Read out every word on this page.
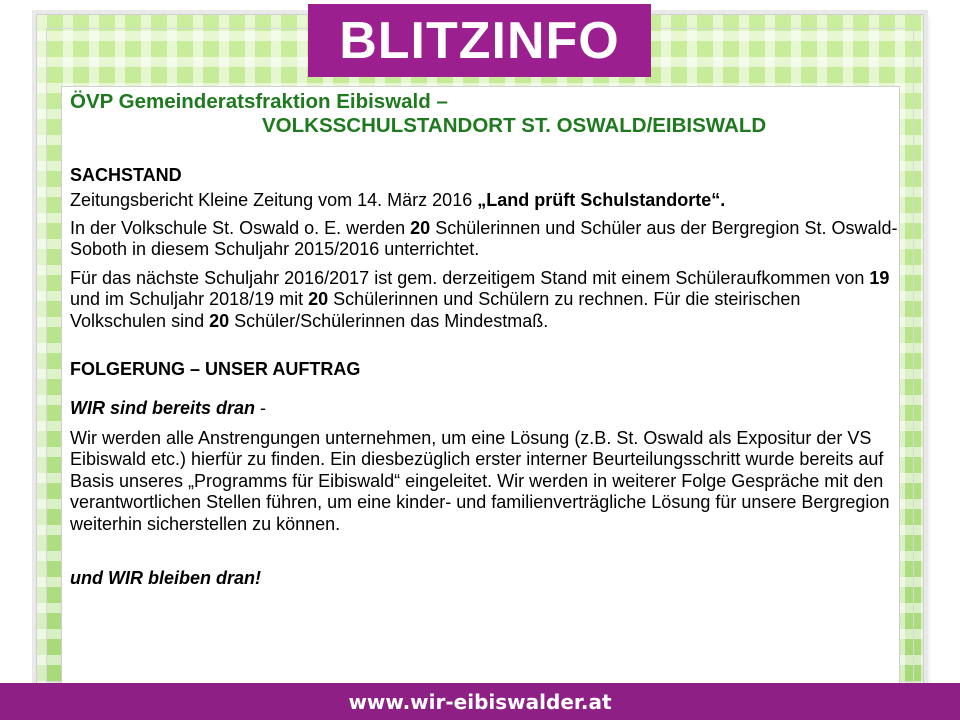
BLITZINFO
ÖVP Gemeinderatsfraktion Eibiswald –
VOLKSSCHULSTANDORT ST. OSWALD/EIBISWALD
SACHSTAND

Zeitungsbericht Kleine Zeitung vom 14. März 2016 „Land prüft Schulstandorte“.

In der Volkschule St. Oswald o. E. werden 20 Schülerinnen und Schüler aus der Bergregion St. Oswald-Soboth in diesem Schuljahr 2015/2016 unterrichtet.

Für das nächste Schuljahr 2016/2017 ist gem. derzeitigem Stand mit einem Schüleraufkommen von 19 und im Schuljahr 2018/19 mit 20 Schülerinnen und Schülern zu rechnen. Für die steirischen Volkschulen sind 20 Schüler/Schülerinnen das Mindestmaß.

FOLGERUNG – UNSER AUFTRAG

WIR sind bereits dran -

Wir werden alle Anstrengungen unternehmen, um eine Lösung (z.B. St. Oswald als Expositur der VS Eibiswald etc.) hierfür zu finden. Ein diesbezüglich erster interner Beurteilungsschritt wurde bereits auf Basis unseres „Programms für Eibiswald“ eingeleitet. Wir werden in weiterer Folge Gespräche mit den verantwortlichen Stellen führen, um eine kinder- und familienverträgliche Lösung für unsere Bergregion weiterhin sicherstellen zu können.

und WIR bleiben dran!

www.wir-eibiswalder.at
